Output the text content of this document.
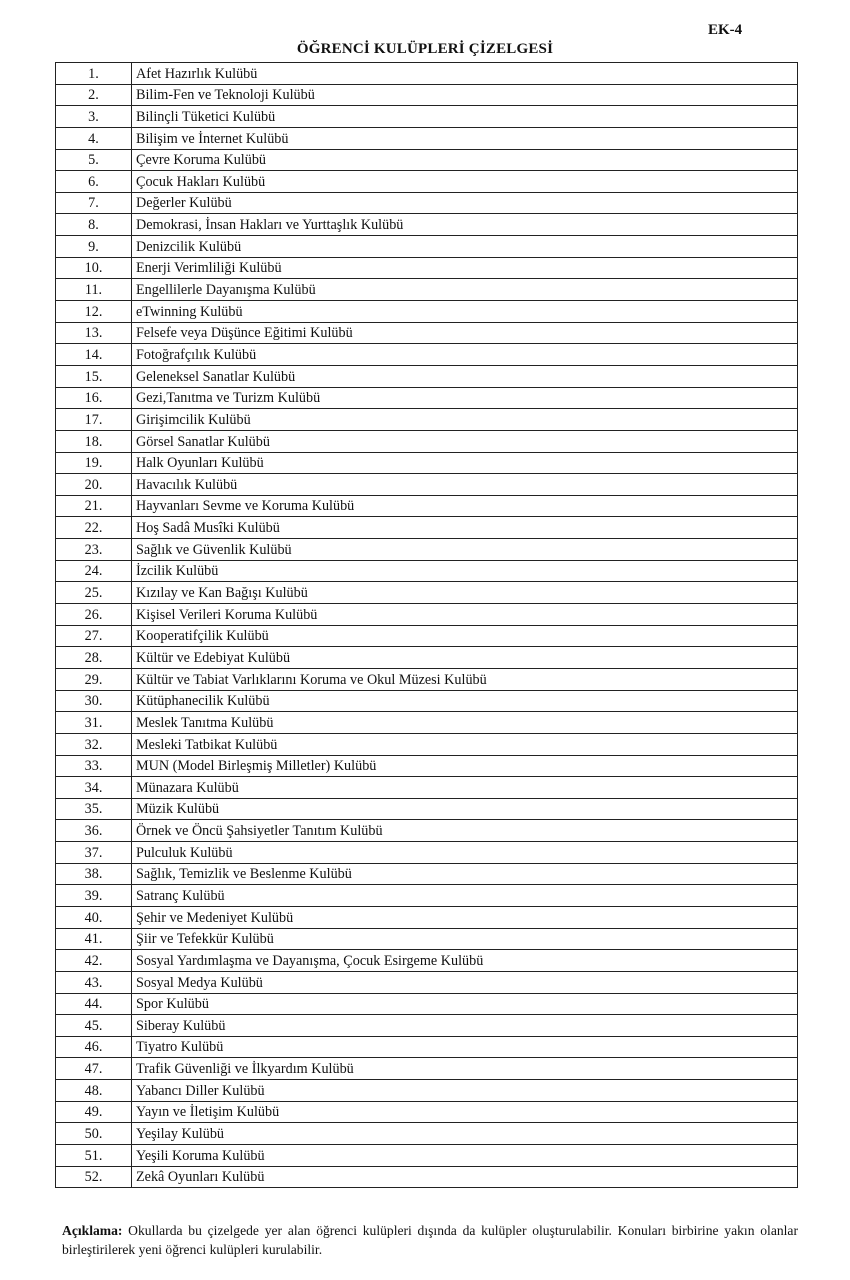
EK-4
ÖĞRENCİ KULÜPLERİ ÇİZELGESİ
1.	Afet Hazırlık Kulübü
2.	Bilim-Fen ve Teknoloji Kulübü
3.	Bilinçli Tüketici Kulübü
4.	Bilişim ve İnternet Kulübü
5.	Çevre Koruma Kulübü
6.	Çocuk Hakları Kulübü
7.	Değerler Kulübü
8.	Demokrasi, İnsan Hakları ve Yurttaşlık Kulübü
9.	Denizcilik Kulübü
10.	Enerji Verimliliği Kulübü
11.	Engellilerle Dayanışma Kulübü
12.	eTwinning Kulübü
13.	Felsefe veya Düşünce Eğitimi Kulübü
14.	Fotoğrafçılık Kulübü
15.	Geleneksel Sanatlar Kulübü
16.	Gezi,Tanıtma ve Turizm Kulübü
17.	Girişimcilik Kulübü
18.	Görsel Sanatlar Kulübü
19.	Halk Oyunları Kulübü
20.	Havacılık Kulübü
21.	Hayvanları Sevme ve Koruma Kulübü
22.	Hoş Sadâ Musîki Kulübü
23.	Sağlık ve Güvenlik Kulübü
24.	İzcilik Kulübü
25.	Kızılay ve Kan Bağışı Kulübü
26.	Kişisel Verileri Koruma Kulübü
27.	Kooperatifçilik Kulübü
28.	Kültür ve Edebiyat Kulübü
29.	Kültür ve Tabiat Varlıklarını Koruma ve Okul Müzesi Kulübü
30.	Kütüphanecilik Kulübü
31.	Meslek Tanıtma Kulübü
32.	Mesleki Tatbikat Kulübü
33.	MUN (Model Birleşmiş Milletler) Kulübü
34.	Münazara Kulübü
35.	Müzik Kulübü
36.	Örnek ve Öncü Şahsiyetler Tanıtım Kulübü
37.	Pulculuk Kulübü
38.	Sağlık, Temizlik ve Beslenme Kulübü
39.	Satranç Kulübü
40.	Şehir ve Medeniyet Kulübü
41.	Şiir ve Tefekkür Kulübü
42.	Sosyal Yardımlaşma ve Dayanışma, Çocuk Esirgeme Kulübü
43.	Sosyal Medya Kulübü
44.	Spor Kulübü
45.	Siberay Kulübü
46.	Tiyatro Kulübü
47.	Trafik Güvenliği ve İlkyardım Kulübü
48.	Yabancı Diller Kulübü
49.	Yayın ve İletişim Kulübü
50.	Yeşilay Kulübü
51.	Yeşili Koruma Kulübü
52.	Zekâ Oyunları Kulübü
Açıklama: Okullarda bu çizelgede yer alan öğrenci kulüpleri dışında da kulüpler oluşturulabilir. Konuları birbirine yakın olanlar birleştirilerek yeni öğrenci kulüpleri kurulabilir.
